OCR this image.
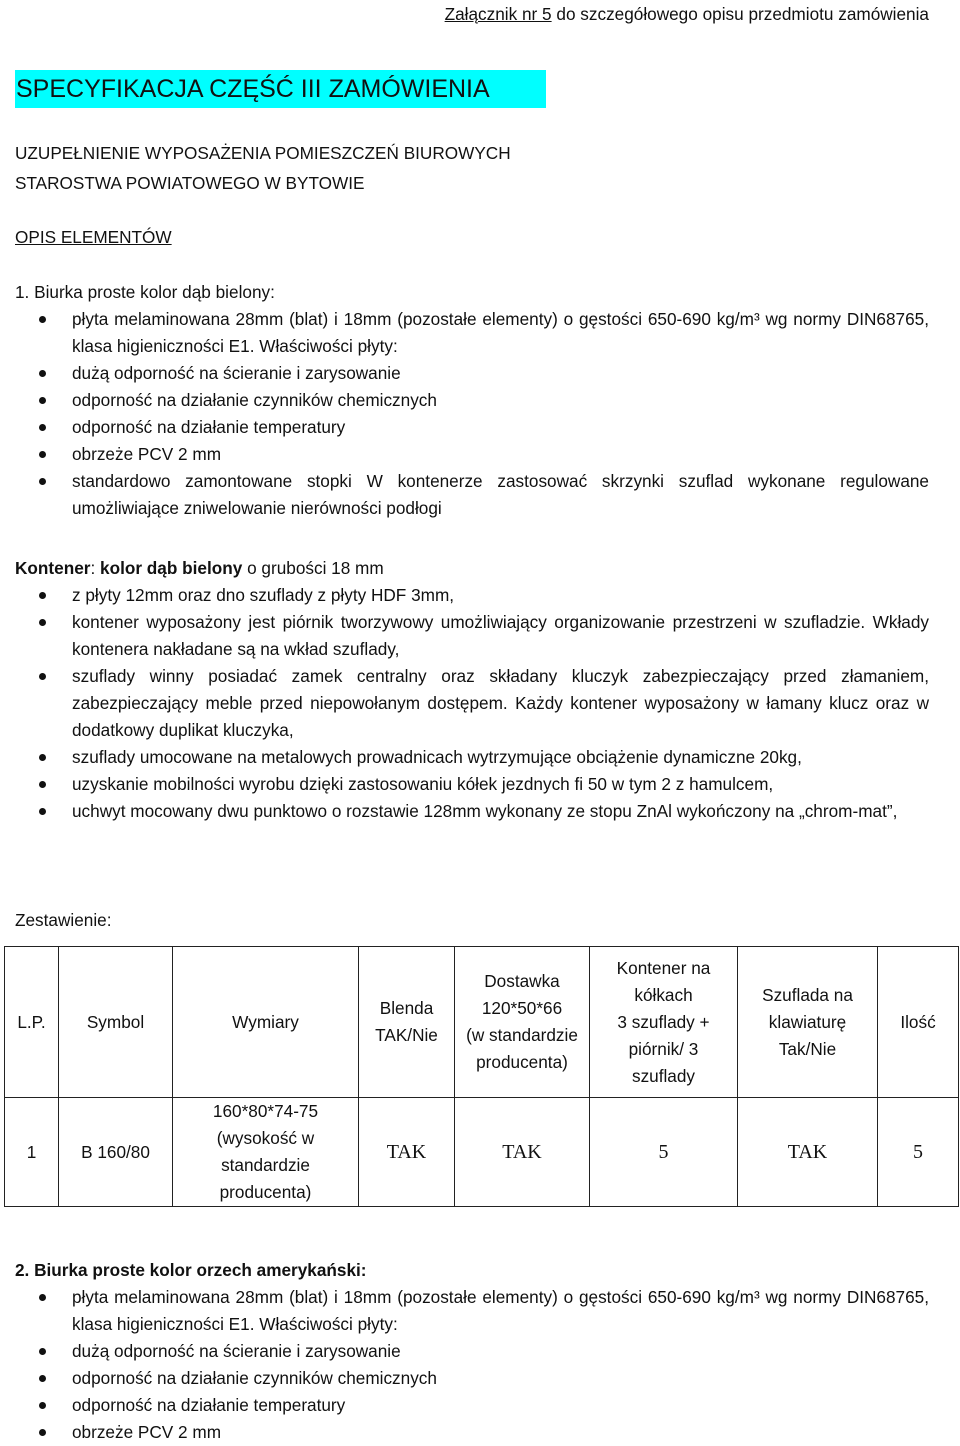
Załącznik nr 5 do szczegółowego opisu przedmiotu zamówienia
SPECYFIKACJA CZĘŚĆ III ZAMÓWIENIA
UZUPEŁNIENIE WYPOSAŻENIA POMIESZCZEŃ BIUROWYCH
STAROSTWA POWIATOWEGO W BYTOWIE
OPIS ELEMENTÓW
1. Biurka proste kolor dąb bielony:
płyta melaminowana 28mm (blat) i 18mm (pozostałe elementy) o gęstości 650-690 kg/m³ wg normy DIN68765, klasa higieniczności E1. Właściwości płyty:
dużą odporność na ścieranie i zarysowanie
odporność na działanie czynników chemicznych
odporność na działanie temperatury
obrzeże PCV 2 mm
standardowo zamontowane stopki W kontenerze zastosować skrzynki szuflad wykonane regulowane umożliwiające zniwelowanie nierówności podłogi
Kontener: kolor dąb bielony o grubości 18 mm
z płyty 12mm oraz dno szuflady z płyty HDF 3mm,
kontener wyposażony jest piórnik tworzywowy umożliwiający organizowanie przestrzeni w szufladzie. Wkłady kontenera nakładane są na wkład szuflady,
szuflady winny posiadać zamek centralny oraz składany kluczyk zabezpieczający przed złamaniem, zabezpieczający meble przed niepowołanym dostępem. Każdy kontener wyposażony w łamany klucz oraz w dodatkowy duplikat kluczyka,
szuflady umocowane na metalowych prowadnicach wytrzymujące obciążenie dynamiczne 20kg,
uzyskanie mobilności wyrobu dzięki zastosowaniu kółek jezdnych fi 50 w tym 2 z hamulcem,
uchwyt mocowany dwu punktowo o rozstawie 128mm wykonany ze stopu ZnAl wykończony na „chrom-mat”,
Zestawienie:
2. Biurka proste kolor orzech amerykański:
płyta melaminowana 28mm (blat) i 18mm (pozostałe elementy) o gęstości 650-690 kg/m³ wg normy DIN68765, klasa higieniczności E1. Właściwości płyty:
dużą odporność na ścieranie i zarysowanie
odporność na działanie czynników chemicznych
odporność na działanie temperatury
obrzeże PCV 2 mm
L.P.	Symbol	Wymiary	Blenda
TAK/Nie	Dostawka
120*50*66
(w standardzie
producenta)	Kontener na
kółkach
3 szuflady +
piórnik/ 3
szuflady	Szuflada na
klawiaturę
Tak/Nie	Ilość
1	B 160/80	160*80*74-75
(wysokość w
standardzie
producenta)	TAK	TAK	5	TAK	5
